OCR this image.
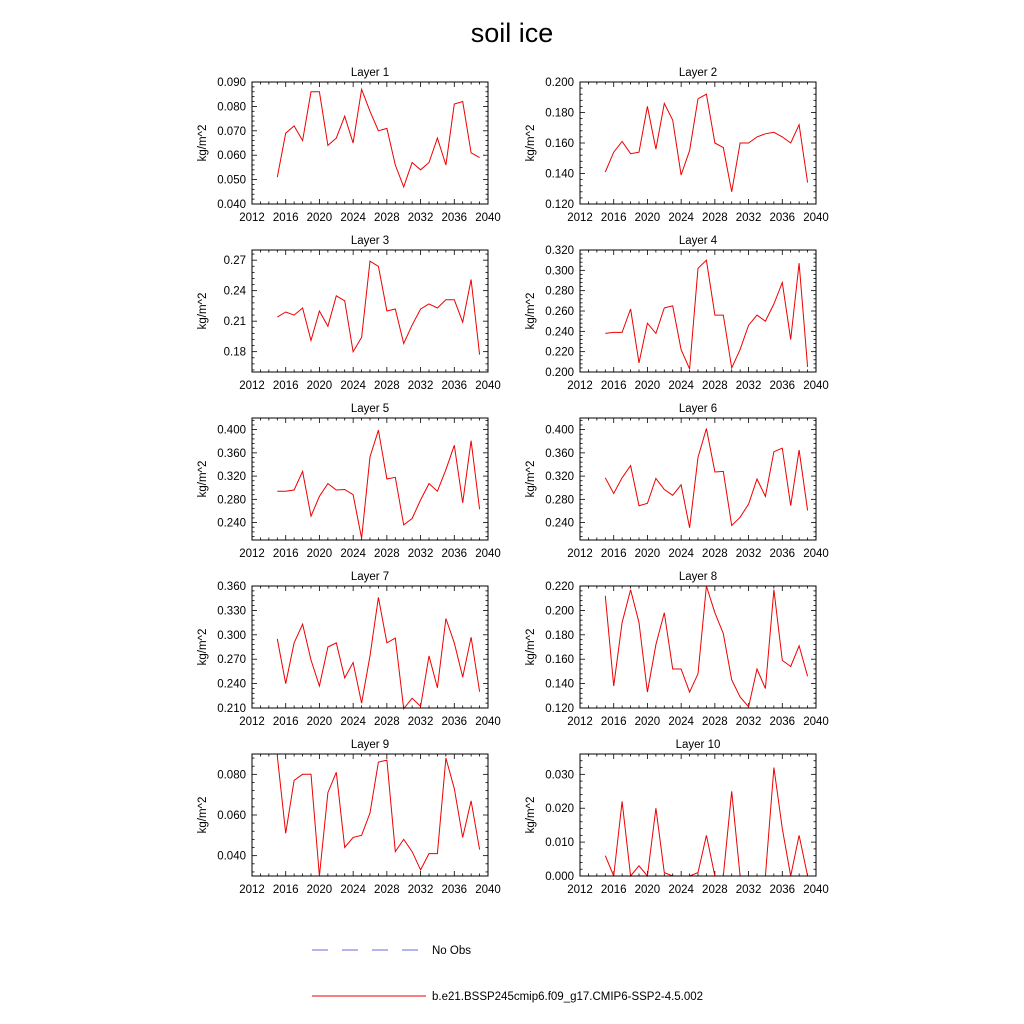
soil ice
Layer 1
kg/m^2
2012 2016 2020 2024 2028 2032 2036 2040
0.040
0.050
0.060
0.070
0.080
0.090
Layer 2
kg/m^2
2012 2016 2020 2024 2028 2032 2036 2040
0.120
0.140
0.160
0.180
0.200
Layer 3
kg/m^2
2012 2016 2020 2024 2028 2032 2036 2040
0.18
0.21
0.24
0.27
Layer 4
kg/m^2
2012 2016 2020 2024 2028 2032 2036 2040
0.200
0.220
0.240
0.260
0.280
0.300
0.320
Layer 5
kg/m^2
2012 2016 2020 2024 2028 2032 2036 2040
0.240
0.280
0.320
0.360
0.400
Layer 6
kg/m^2
2012 2016 2020 2024 2028 2032 2036 2040
0.240
0.280
0.320
0.360
0.400
Layer 7
kg/m^2
2012 2016 2020 2024 2028 2032 2036 2040
0.210
0.240
0.270
0.300
0.330
0.360
Layer 8
kg/m^2
2012 2016 2020 2024 2028 2032 2036 2040
0.120
0.140
0.160
0.180
0.200
0.220
Layer 9
kg/m^2
2012 2016 2020 2024 2028 2032 2036 2040
0.040
0.060
0.080
Layer 10
kg/m^2
2012 2016 2020 2024 2028 2032 2036 2040
0.000
0.010
0.020
0.030
No Obs
b.e21.BSSP245cmip6.f09_g17.CMIP6-SSP2-4.5.002
